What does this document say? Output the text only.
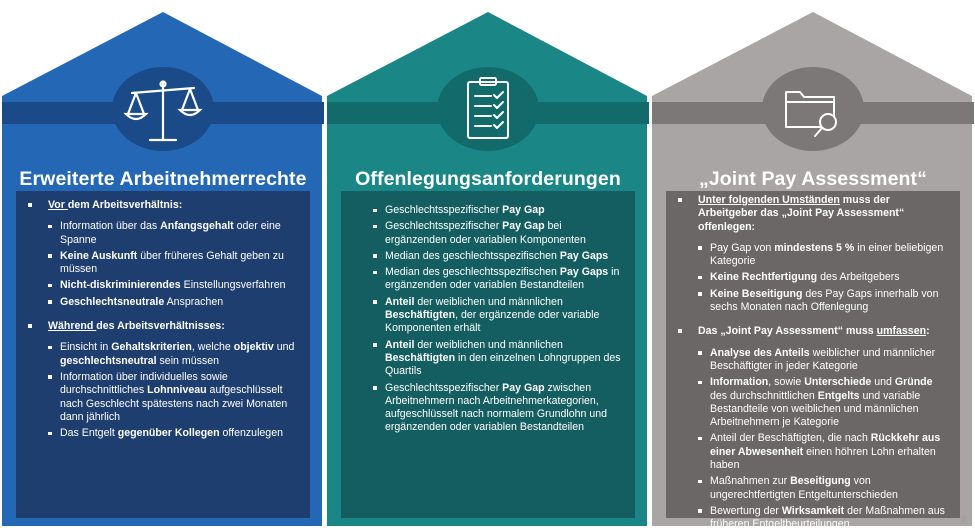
Erweiterte Arbeitnehmerrechte
Vor dem Arbeitsverhältnis:
Information über das Anfangsgehalt oder eine Spanne
Keine Auskunft über früheres Gehalt geben zu müssen
Nicht-diskriminierendes Einstellungsverfahren
Geschlechtsneutrale Ansprachen
Während des Arbeitsverhältnisses:
Einsicht in Gehaltskriterien, welche objektiv und geschlechtsneutral sein müssen
Information über individuelles sowie durchschnittliches Lohnniveau aufgeschlüsselt nach Geschlecht spätestens nach zwei Monaten dann jährlich
Das Entgelt gegenüber Kollegen offenzulegen
Offenlegungsanforderungen
Geschlechtsspezifischer Pay Gap
Geschlechtsspezifischer Pay Gap bei ergänzenden oder variablen Komponenten
Median des geschlechtsspezifischen Pay Gaps
Median des geschlechtsspezifischen Pay Gaps in ergänzenden oder variablen Bestandteilen
Anteil der weiblichen und männlichen Beschäftigten, der ergänzende oder variable Komponenten erhält
Anteil der weiblichen und männlichen Beschäftigten in den einzelnen Lohngruppen des Quartils
Geschlechtsspezifischer Pay Gap zwischen Arbeitnehmern nach Arbeitnehmerkategorien, aufgeschlüsselt nach normalem Grundlohn und ergänzenden oder variablen Bestandteilen
„Joint Pay Assessment“
Unter folgenden Umständen muss der Arbeitgeber das „Joint Pay Assessment“ offenlegen:
Pay Gap von mindestens 5 % in einer beliebigen Kategorie
Keine Rechtfertigung des Arbeitgebers
Keine Beseitigung des Pay Gaps innerhalb von sechs Monaten nach Offenlegung
Das „Joint Pay Assessment“ muss umfassen:
Analyse des Anteils weiblicher und männlicher Beschäftigter in jeder Kategorie
Information, sowie Unterschiede und Gründe des durchschnittlichen Entgelts und variable Bestandteile von weiblichen und männlichen Arbeitnehmern je Kategorie
Anteil der Beschäftigten, die nach Rückkehr aus einer Abwesenheit einen höhren Lohn erhalten haben
Maßnahmen zur Beseitigung von ungerechtfertigten Entgeltunterschieden
Bewertung der Wirksamkeit der Maßnahmen aus früheren Entgeltbeurteilungen	2
